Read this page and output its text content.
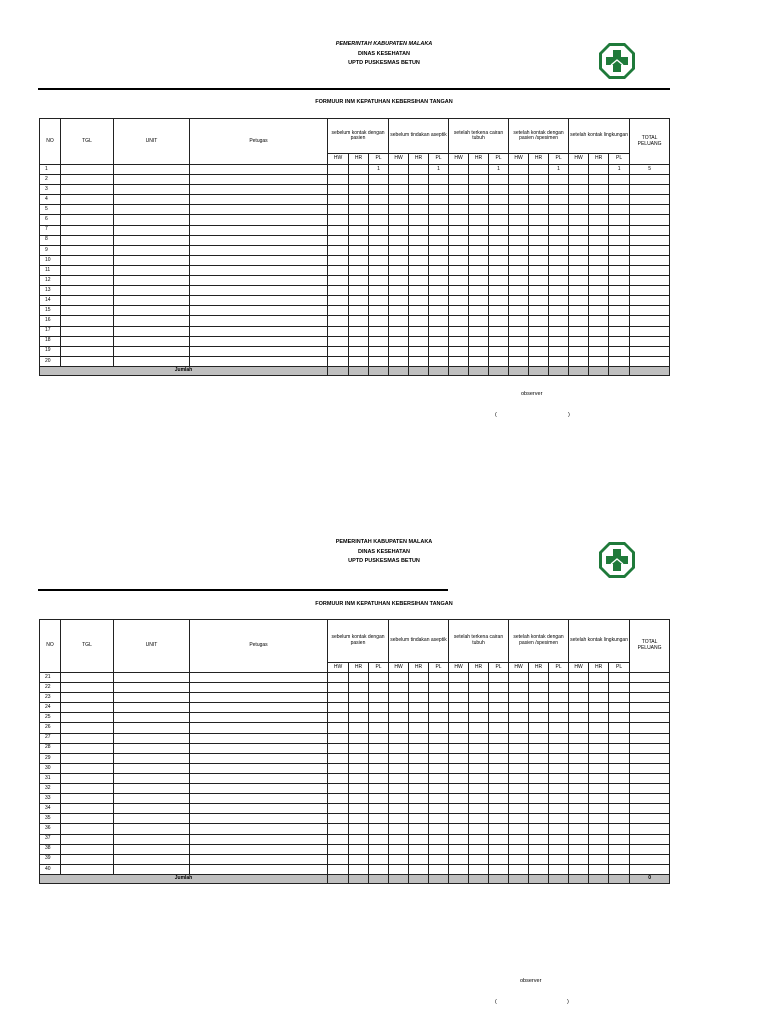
PEMERINTAH KABUPATEN MALAKA
DINAS KESEHATAN
UPTD PUSKESMAS BETUN
FORMUUR INM KEPATUHAN KEBERSIHAN TANGAN
NO	TGL	UNIT	Petugas	sebelum kontak dengan pasien			sebelum tindakan aseptik			setelah terkena cairan tubuh			setelah kontak dengan pasien /spesimen			setelah kontak lingkungan			TOTAL PELUANG
				HW	HR	PL	HW	HR	PL	HW	HR	PL	HW	HR	PL	HW	HR	PL	
1						1			1			1			1			1	5
2																			
3																			
4																			
5																			
6																			
7																			
8																			
9																			
10																			
11																			
12																			
13																			
14																			
15																			
16																			
17																			
18																			
19																			
20																			
Jumlah																			
observer
(	)
PEMERINTAH KABUPATEN MALAKA
DINAS KESEHATAN
UPTD PUSKESMAS BETUN
FORMUUR INM KEPATUHAN KEBERSIHAN TANGAN
NO	TGL	UNIT	Petugas	sebelum kontak dengan pasien			sebelum tindakan aseptik			setelah terkena cairan tubuh			setelah kontak dengan pasien /spesimen			setelah kontak lingkungan			TOTAL PELUANG
				HW	HR	PL	HW	HR	PL	HW	HR	PL	HW	HR	PL	HW	HR	PL	
21																			
22																			
23																			
24																			
25																			
26																			
27																			
28																			
29																			
30																			
31																			
32																			
33																			
34																			
35																			
36																			
37																			
38																			
39																			
40																			
Jumlah																			0
observer
(	)
